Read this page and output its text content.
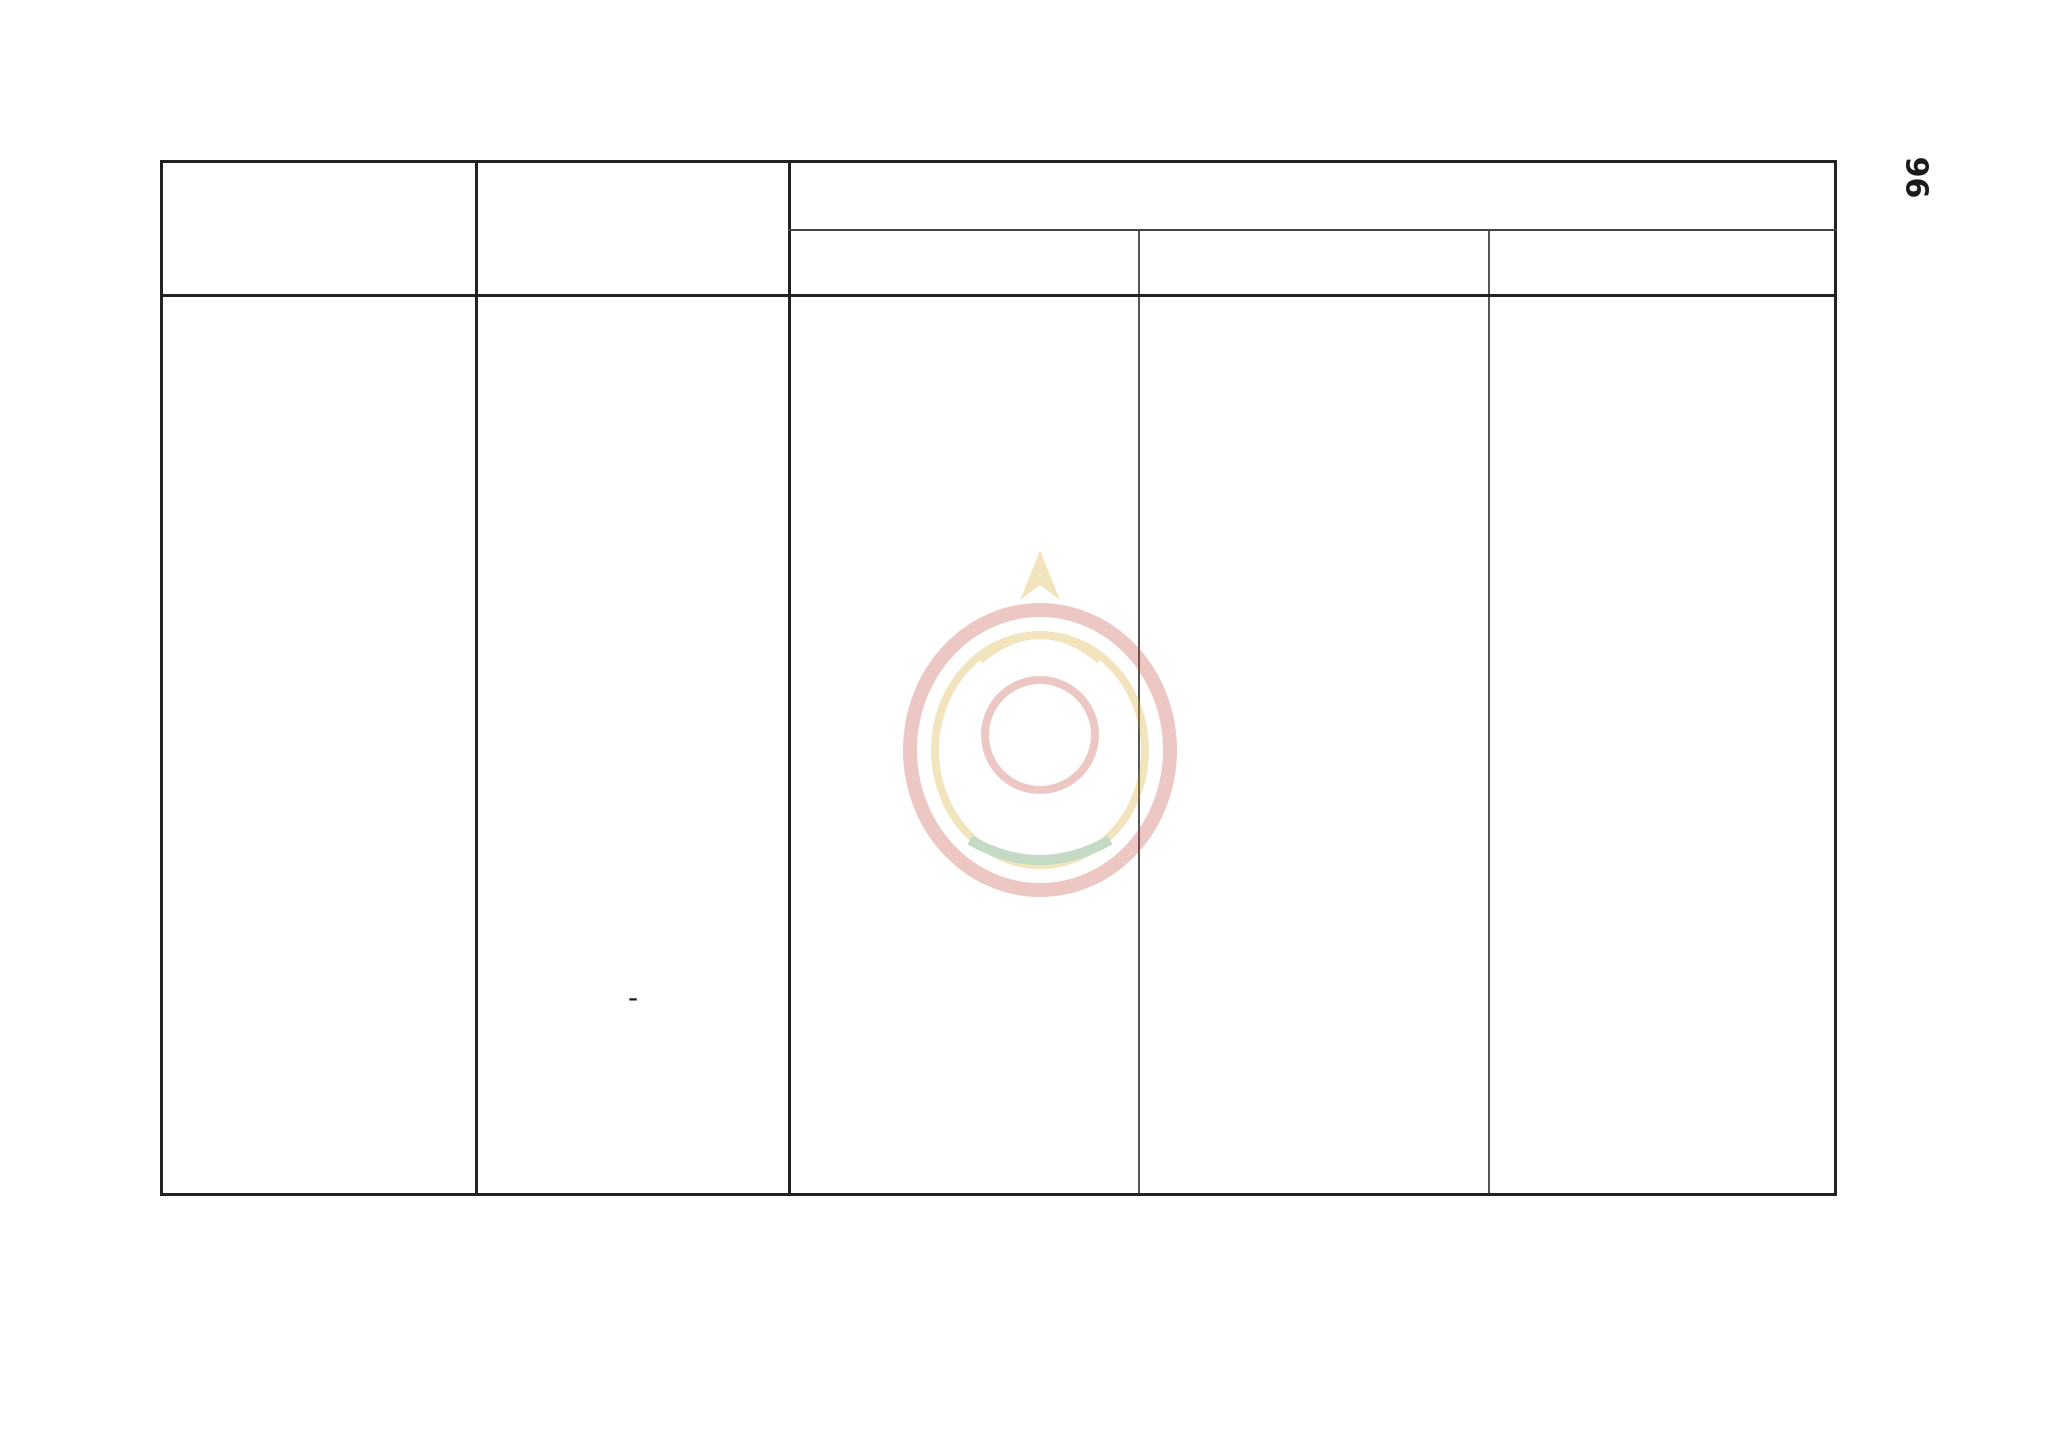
96
-
